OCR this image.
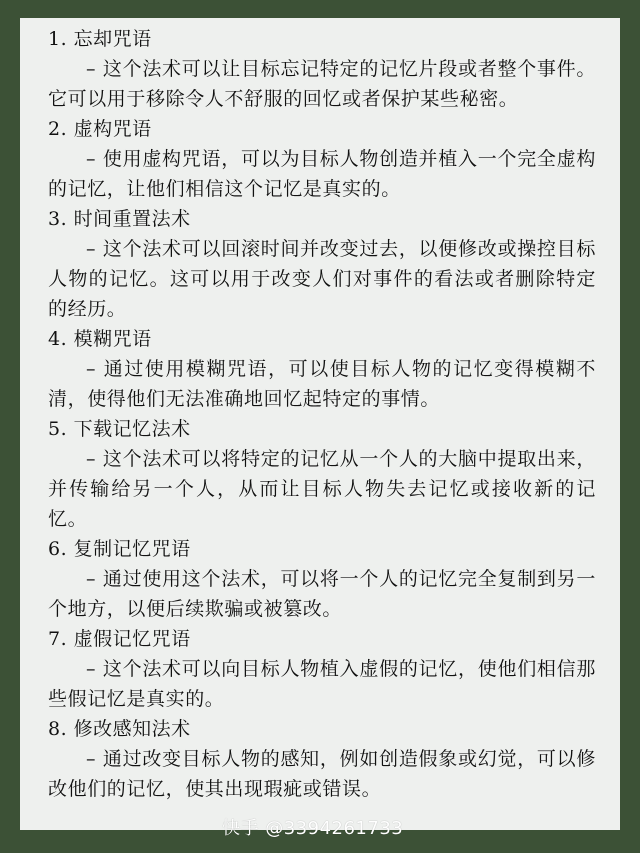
1. 忘却咒语
– 这个法术可以让目标忘记特定的记忆片段或者整个事件。它可以用于移除令人不舒服的回忆或者保护某些秘密。
2. 虚构咒语
– 使用虚构咒语，可以为目标人物创造并植入一个完全虚构的记忆，让他们相信这个记忆是真实的。
3. 时间重置法术
– 这个法术可以回滚时间并改变过去，以便修改或操控目标人物的记忆。这可以用于改变人们对事件的看法或者删除特定的经历。
4. 模糊咒语
– 通过使用模糊咒语，可以使目标人物的记忆变得模糊不清，使得他们无法准确地回忆起特定的事情。
5. 下载记忆法术
– 这个法术可以将特定的记忆从一个人的大脑中提取出来，并传输给另一个人，从而让目标人物失去记忆或接收新的记忆。
6. 复制记忆咒语
– 通过使用这个法术，可以将一个人的记忆完全复制到另一个地方，以便后续欺骗或被篡改。
7. 虚假记忆咒语
– 这个法术可以向目标人物植入虚假的记忆，使他们相信那些假记忆是真实的。
8. 修改感知法术
– 通过改变目标人物的感知，例如创造假象或幻觉，可以修改他们的记忆，使其出现瑕疵或错误。
快手 @3394261733
